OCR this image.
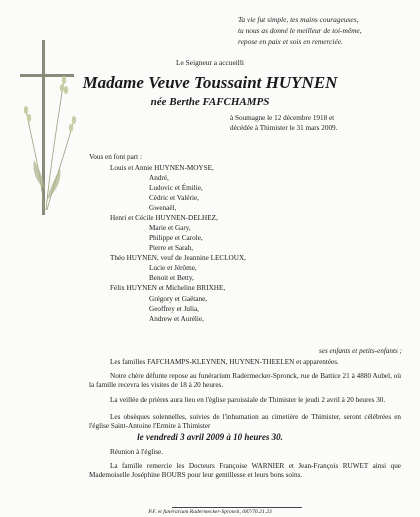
Ta vie fut simple, tes mains courageuses,
tu nous as donné le meilleur de toi-même,
repose en paix et sois en remerciée.
Le Seigneur a accueilli
Madame Veuve Toussaint HUYNEN
née Berthe FAFCHAMPS
à Soumagne le 12 décembre 1918 et
décédée à Thimister le 31 mars 2009.
Vous en font part :
Louis et Annie HUYNEN-MOYSE,
André,
Ludovic et Émilie,
Cédric et Valérie,
Gwenaël,
Henri et Cécile HUYNEN-DELHEZ,
Marie et Gary,
Philippe et Carole,
Pierre et Sarah,
Théo HUYNEN, veuf de Jeannine LECLOUX,
Lucie et Jérôme,
Benoit et Betty,
Félix HUYNEN et Micheline BRIXHE,
Grégory et Gaëtane,
Geoffrey et Julia,
Andrew et Aurélie,
ses enfants et petits-enfants ;
Les familles FAFCHAMPS-KLEYNEN, HUYNEN-THEELEN et apparentées.
Notre chère défunte repose au funérarium Radermecker-Spronck, rue de Battice 21 à 4880 Aubel, où la famille recevra les visites de 18 à 20 heures.
La veillée de prières aura lieu en l'église paroissiale de Thimister le jeudi 2 avril à 20 heures 30.
Les obsèques solennelles, suivies de l'inhumation au cimetière de Thimister, seront célébrées en l'église Saint-Antoine l'Ermite à Thimister
le vendredi 3 avril 2009 à 10 heures 30.
Réunion à l'église.
La famille remercie les Docteurs Françoise WARNIER et Jean-François RUWET ainsi que Mademoiselle Joséphine BOURS pour leur gentillesse et leurs bons soins.
P.F. et funérarium Radermecker-Spronck, 087/76.21.23
